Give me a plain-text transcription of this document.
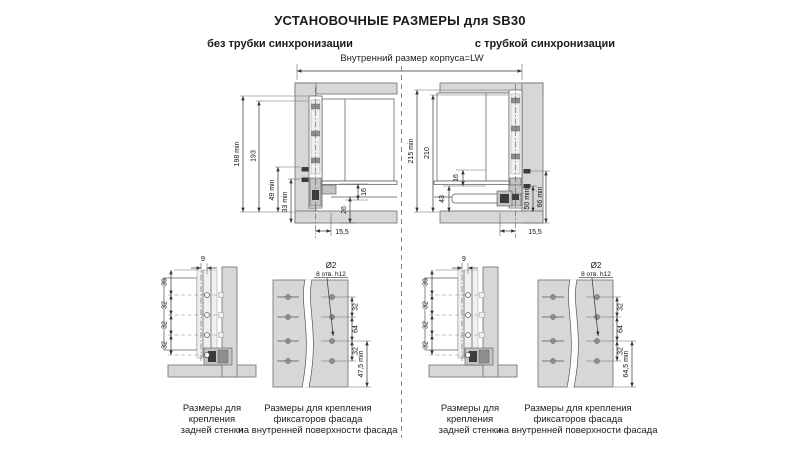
УСТАНОВОЧНЫЕ РАЗМЕРЫ для SB30
без трубки синхронизации	с трубкой синхронизации
Внутренний размер корпуса=LW
198 min 193
49 min
33 min	16
26
15,5
215 min 210
16
43	50 min 66 min
15,5
9
39
32
32
32
Ø2
8 отв. h12
32
64
32
47,5 min
9
39
32
32
32
Ø2
8 отв. h12
32
64
32
64,5 min
Размеры для
крепления
задней стенки
Размеры для крепления
фиксаторов фасада
на внутренней поверхности фасада
Размеры для
крепления
задней стенки
Размеры для крепления
фиксаторов фасада
на внутренней поверхности фасада
